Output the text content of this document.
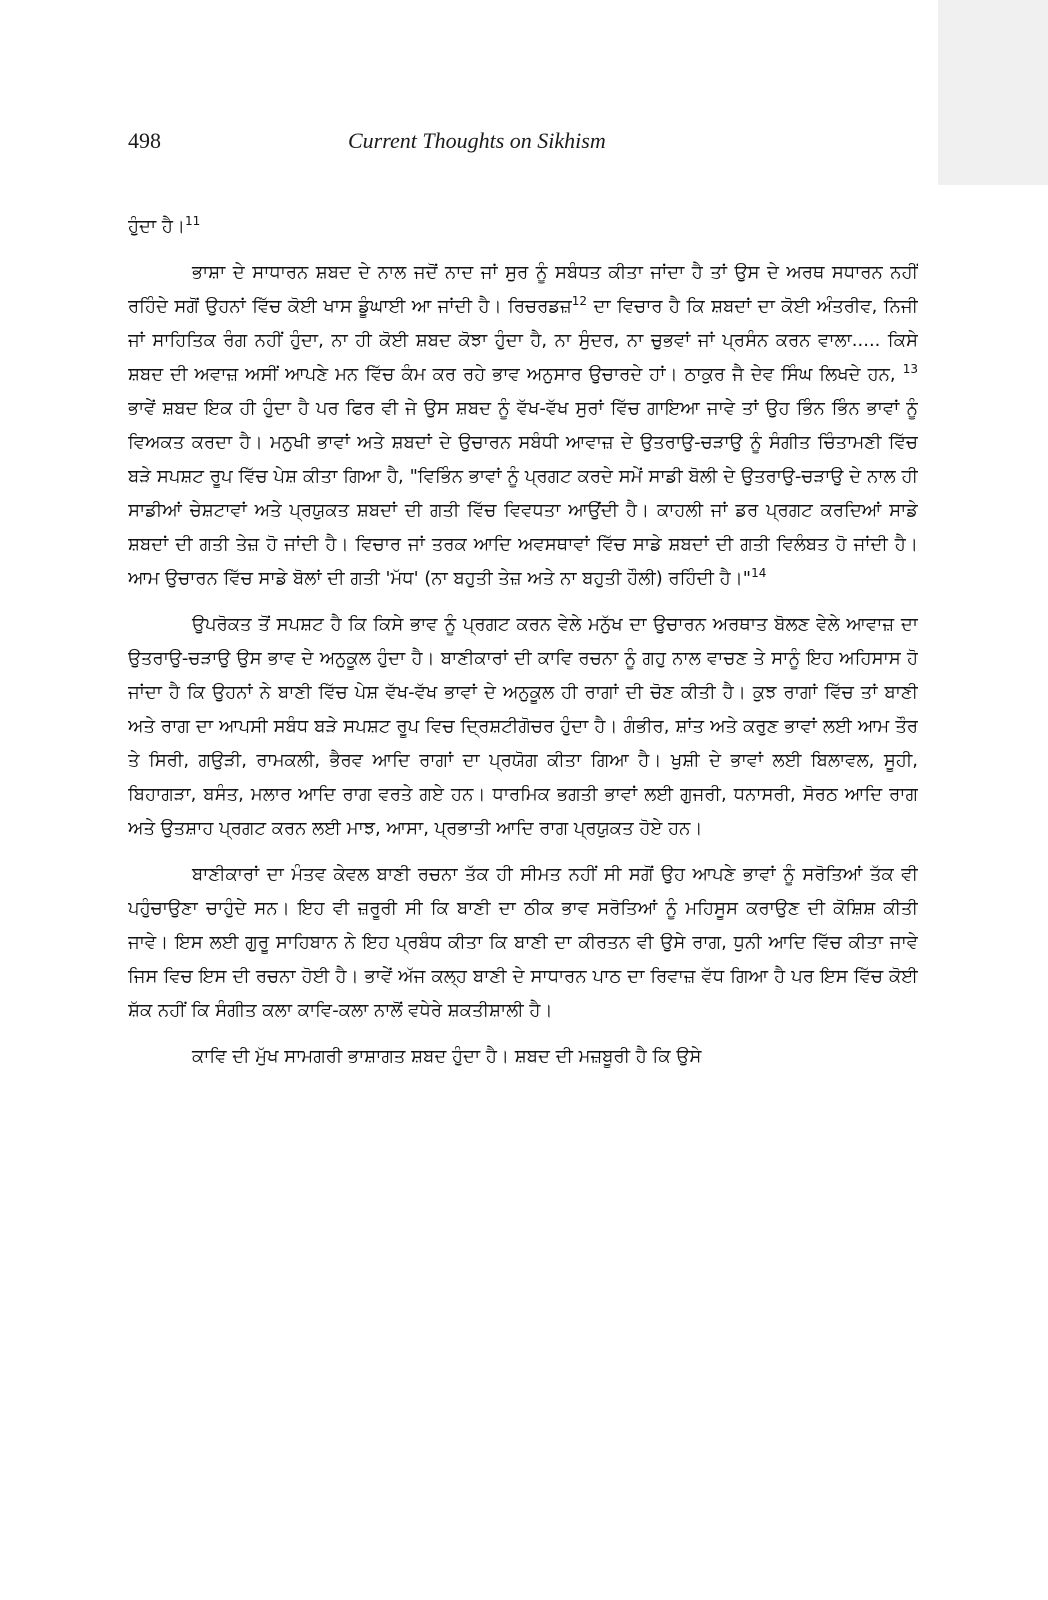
498	Current Thoughts on Sikhism

ਹੁੰਦਾ ਹੈ।$^{11}$

ਭਾਸ਼ਾ ਦੇ ਸਾਧਾਰਨ ਸ਼ਬਦ ਦੇ ਨਾਲ ਜਦੋਂ ਨਾਦ ਜਾਂ ਸੁਰ ਨੂੰ ਸਬੰਧਤ ਕੀਤਾ ਜਾਂਦਾ ਹੈ ਤਾਂ ਉਸ ਦੇ ਅਰਥ ਸਧਾਰਨ ਨਹੀਂ ਰਹਿੰਦੇ ਸਗੋਂ ਉਹਨਾਂ ਵਿੱਚ ਕੋਈ ਖਾਸ ਡੂੰਘਾਈ ਆ ਜਾਂਦੀ ਹੈ। ਰਿਚਰਡਜ਼$^{12}$ ਦਾ ਵਿਚਾਰ ਹੈ ਕਿ ਸ਼ਬਦਾਂ ਦਾ ਕੋਈ ਅੰਤਰੀਵ, ਨਿਜੀ ਜਾਂ ਸਾਹਿਤਿਕ ਰੰਗ ਨਹੀਂ ਹੁੰਦਾ, ਨਾ ਹੀ ਕੋਈ ਸ਼ਬਦ ਕੋਝਾ ਹੁੰਦਾ ਹੈ, ਨਾ ਸੁੰਦਰ, ਨਾ ਚੁਭਵਾਂ ਜਾਂ ਪ੍ਰਸੰਨ ਕਰਨ ਵਾਲਾ..... ਕਿਸੇ ਸ਼ਬਦ ਦੀ ਅਵਾਜ਼ ਅਸੀਂ ਆਪਣੇ ਮਨ ਵਿੱਚ ਕੰਮ ਕਰ ਰਹੇ ਭਾਵ ਅਨੁਸਾਰ ਉਚਾਰਦੇ ਹਾਂ। ਠਾਕੁਰ ਜੈ ਦੇਵ ਸਿੰਘ ਲਿਖਦੇ ਹਨ, $^{13}$ ਭਾਵੇਂ ਸ਼ਬਦ ਇਕ ਹੀ ਹੁੰਦਾ ਹੈ ਪਰ ਫਿਰ ਵੀ ਜੇ ਉਸ ਸ਼ਬਦ ਨੂੰ ਵੱਖ-ਵੱਖ ਸੁਰਾਂ ਵਿੱਚ ਗਾਇਆ ਜਾਵੇ ਤਾਂ ਉਹ ਭਿੰਨ ਭਿੰਨ ਭਾਵਾਂ ਨੂੰ ਵਿਅਕਤ ਕਰਦਾ ਹੈ। ਮਨੁਖੀ ਭਾਵਾਂ ਅਤੇ ਸ਼ਬਦਾਂ ਦੇ ਉਚਾਰਨ ਸਬੰਧੀ ਆਵਾਜ਼ ਦੇ ਉਤਰਾਉ-ਚੜਾਉ ਨੂੰ ਸੰਗੀਤ ਚਿੰਤਾਮਣੀ ਵਿੱਚ ਬੜੇ ਸਪਸ਼ਟ ਰੂਪ ਵਿੱਚ ਪੇਸ਼ ਕੀਤਾ ਗਿਆ ਹੈ, "ਵਿਭਿੰਨ ਭਾਵਾਂ ਨੂੰ ਪ੍ਰਗਟ ਕਰਦੇ ਸਮੇਂ ਸਾਡੀ ਬੋਲੀ ਦੇ ਉਤਰਾਉ-ਚੜਾਉ ਦੇ ਨਾਲ ਹੀ ਸਾਡੀਆਂ ਚੇਸ਼ਟਾਵਾਂ ਅਤੇ ਪ੍ਰਯੁਕਤ ਸ਼ਬਦਾਂ ਦੀ ਗਤੀ ਵਿੱਚ ਵਿਵਧਤਾ ਆਉਂਦੀ ਹੈ। ਕਾਹਲੀ ਜਾਂ ਡਰ ਪ੍ਰਗਟ ਕਰਦਿਆਂ ਸਾਡੇ ਸ਼ਬਦਾਂ ਦੀ ਗਤੀ ਤੇਜ਼ ਹੋ ਜਾਂਦੀ ਹੈ। ਵਿਚਾਰ ਜਾਂ ਤਰਕ ਆਦਿ ਅਵਸਥਾਵਾਂ ਵਿੱਚ ਸਾਡੇ ਸ਼ਬਦਾਂ ਦੀ ਗਤੀ ਵਿਲੰਬਤ ਹੋ ਜਾਂਦੀ ਹੈ। ਆਮ ਉਚਾਰਨ ਵਿੱਚ ਸਾਡੇ ਬੋਲਾਂ ਦੀ ਗਤੀ 'ਮੱਧ' (ਨਾ ਬਹੁਤੀ ਤੇਜ਼ ਅਤੇ ਨਾ ਬਹੁਤੀ ਹੌਲੀ) ਰਹਿੰਦੀ ਹੈ।"$^{14}$

ਉਪਰੋਕਤ ਤੋਂ ਸਪਸ਼ਟ ਹੈ ਕਿ ਕਿਸੇ ਭਾਵ ਨੂੰ ਪ੍ਰਗਟ ਕਰਨ ਵੇਲੇ ਮਨੁੱਖ ਦਾ ਉਚਾਰਨ ਅਰਥਾਤ ਬੋਲਣ ਵੇਲੇ ਆਵਾਜ਼ ਦਾ ਉਤਰਾਉ-ਚੜਾਉ ਉਸ ਭਾਵ ਦੇ ਅਨੁਕੂਲ ਹੁੰਦਾ ਹੈ। ਬਾਣੀਕਾਰਾਂ ਦੀ ਕਾਵਿ ਰਚਨਾ ਨੂੰ ਗਹੁ ਨਾਲ ਵਾਚਣ ਤੇ ਸਾਨੂੰ ਇਹ ਅਹਿਸਾਸ ਹੋ ਜਾਂਦਾ ਹੈ ਕਿ ਉਹਨਾਂ ਨੇ ਬਾਣੀ ਵਿੱਚ ਪੇਸ਼ ਵੱਖ-ਵੱਖ ਭਾਵਾਂ ਦੇ ਅਨੁਕੂਲ ਹੀ ਰਾਗਾਂ ਦੀ ਚੋਣ ਕੀਤੀ ਹੈ। ਕੁਝ ਰਾਗਾਂ ਵਿੱਚ ਤਾਂ ਬਾਣੀ ਅਤੇ ਰਾਗ ਦਾ ਆਪਸੀ ਸਬੰਧ ਬੜੇ ਸਪਸ਼ਟ ਰੂਪ ਵਿਚ ਦ੍ਰਿਸ਼ਟੀਗੋਚਰ ਹੁੰਦਾ ਹੈ। ਗੰਭੀਰ, ਸ਼ਾਂਤ ਅਤੇ ਕਰੁਣ ਭਾਵਾਂ ਲਈ ਆਮ ਤੌਰ ਤੇ ਸਿਰੀ, ਗਉੜੀ, ਰਾਮਕਲੀ, ਭੈਰਵ ਆਦਿ ਰਾਗਾਂ ਦਾ ਪ੍ਰਯੋਗ ਕੀਤਾ ਗਿਆ ਹੈ। ਖੁਸ਼ੀ ਦੇ ਭਾਵਾਂ ਲਈ ਬਿਲਾਵਲ, ਸੂਹੀ, ਬਿਹਾਗੜਾ, ਬਸੰਤ, ਮਲਾਰ ਆਦਿ ਰਾਗ ਵਰਤੇ ਗਏ ਹਨ। ਧਾਰਮਿਕ ਭਗਤੀ ਭਾਵਾਂ ਲਈ ਗੁਜਰੀ, ਧਨਾਸਰੀ, ਸੋਰਠ ਆਦਿ ਰਾਗ ਅਤੇ ਉਤਸ਼ਾਹ ਪ੍ਰਗਟ ਕਰਨ ਲਈ ਮਾਝ, ਆਸਾ, ਪ੍ਰਭਾਤੀ ਆਦਿ ਰਾਗ ਪ੍ਰਯੁਕਤ ਹੋਏ ਹਨ।

ਬਾਣੀਕਾਰਾਂ ਦਾ ਮੰਤਵ ਕੇਵਲ ਬਾਣੀ ਰਚਨਾ ਤੱਕ ਹੀ ਸੀਮਤ ਨਹੀਂ ਸੀ ਸਗੋਂ ਉਹ ਆਪਣੇ ਭਾਵਾਂ ਨੂੰ ਸਰੋਤਿਆਂ ਤੱਕ ਵੀ ਪਹੁੰਚਾਉਣਾ ਚਾਹੁੰਦੇ ਸਨ। ਇਹ ਵੀ ਜ਼ਰੂਰੀ ਸੀ ਕਿ ਬਾਣੀ ਦਾ ਠੀਕ ਭਾਵ ਸਰੋਤਿਆਂ ਨੂੰ ਮਹਿਸੂਸ ਕਰਾਉਣ ਦੀ ਕੋਸ਼ਿਸ਼ ਕੀਤੀ ਜਾਵੇ। ਇਸ ਲਈ ਗੁਰੂ ਸਾਹਿਬਾਨ ਨੇ ਇਹ ਪ੍ਰਬੰਧ ਕੀਤਾ ਕਿ ਬਾਣੀ ਦਾ ਕੀਰਤਨ ਵੀ ਉਸੇ ਰਾਗ, ਧੁਨੀ ਆਦਿ ਵਿੱਚ ਕੀਤਾ ਜਾਵੇ ਜਿਸ ਵਿਚ ਇਸ ਦੀ ਰਚਨਾ ਹੋਈ ਹੈ। ਭਾਵੇਂ ਅੱਜ ਕਲ੍ਹ ਬਾਣੀ ਦੇ ਸਾਧਾਰਨ ਪਾਠ ਦਾ ਰਿਵਾਜ਼ ਵੱਧ ਗਿਆ ਹੈ ਪਰ ਇਸ ਵਿੱਚ ਕੋਈ ਸ਼ੱਕ ਨਹੀਂ ਕਿ ਸੰਗੀਤ ਕਲਾ ਕਾਵਿ-ਕਲਾ ਨਾਲੋਂ ਵਧੇਰੇ ਸ਼ਕਤੀਸ਼ਾਲੀ ਹੈ।

ਕਾਵਿ ਦੀ ਮੁੱਖ ਸਾਮਗਰੀ ਭਾਸ਼ਾਗਤ ਸ਼ਬਦ ਹੁੰਦਾ ਹੈ। ਸ਼ਬਦ ਦੀ ਮਜ਼ਬੂਰੀ ਹੈ ਕਿ ਉਸੇ
